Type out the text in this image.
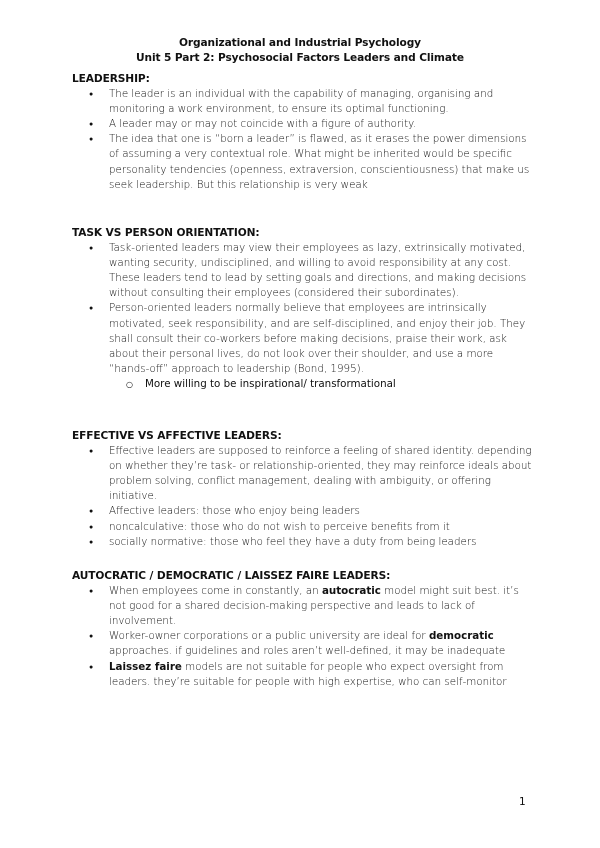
Organizational and Industrial Psychology
Unit 5 Part 2: Psychosocial Factors Leaders and Climate
LEADERSHIP:
● The leader is an individual with the capability of managing, organising and monitoring a work environment, to ensure its optimal functioning.
● A leader may or may not coincide with a figure of authority.
● The idea that one is “born a leader” is flawed, as it erases the power dimensions of assuming a very contextual role. What might be inherited would be specific personality tendencies (openness, extraversion, conscientiousness) that make us seek leadership. But this relationship is very weak
TASK VS PERSON ORIENTATION:
● Task-oriented leaders may view their employees as lazy, extrinsically motivated, wanting security, undisciplined, and willing to avoid responsibility at any cost. These leaders tend to lead by setting goals and directions, and making decisions without consulting their employees (considered their subordinates).
● Person-oriented leaders normally believe that employees are intrinsically motivated, seek responsibility, and are self-disciplined, and enjoy their job. They shall consult their co-workers before making decisions, praise their work, ask about their personal lives, do not look over their shoulder, and use a more “hands-off” approach to leadership (Bond, 1995).
○ More willing to be inspirational/ transformational
EFFECTIVE VS AFFECTIVE LEADERS:
● Effective leaders are supposed to reinforce a feeling of shared identity. depending on whether they’re task- or relationship-oriented, they may reinforce ideals about problem solving, conflict management, dealing with ambiguity, or offering initiative.
● Affective leaders: those who enjoy being leaders
● noncalculative: those who do not wish to perceive benefits from it
● socially normative: those who feel they have a duty from being leaders
AUTOCRATIC / DEMOCRATIC / LAISSEZ FAIRE LEADERS:
● When employees come in constantly, an autocratic model might suit best. it’s not good for a shared decision-making perspective and leads to lack of involvement.
● Worker-owner corporations or a public university are ideal for democratic approaches. if guidelines and roles aren’t well-defined, it may be inadequate
● Laissez faire models are not suitable for people who expect oversight from leaders. they’re suitable for people with high expertise, who can self-monitor
1
